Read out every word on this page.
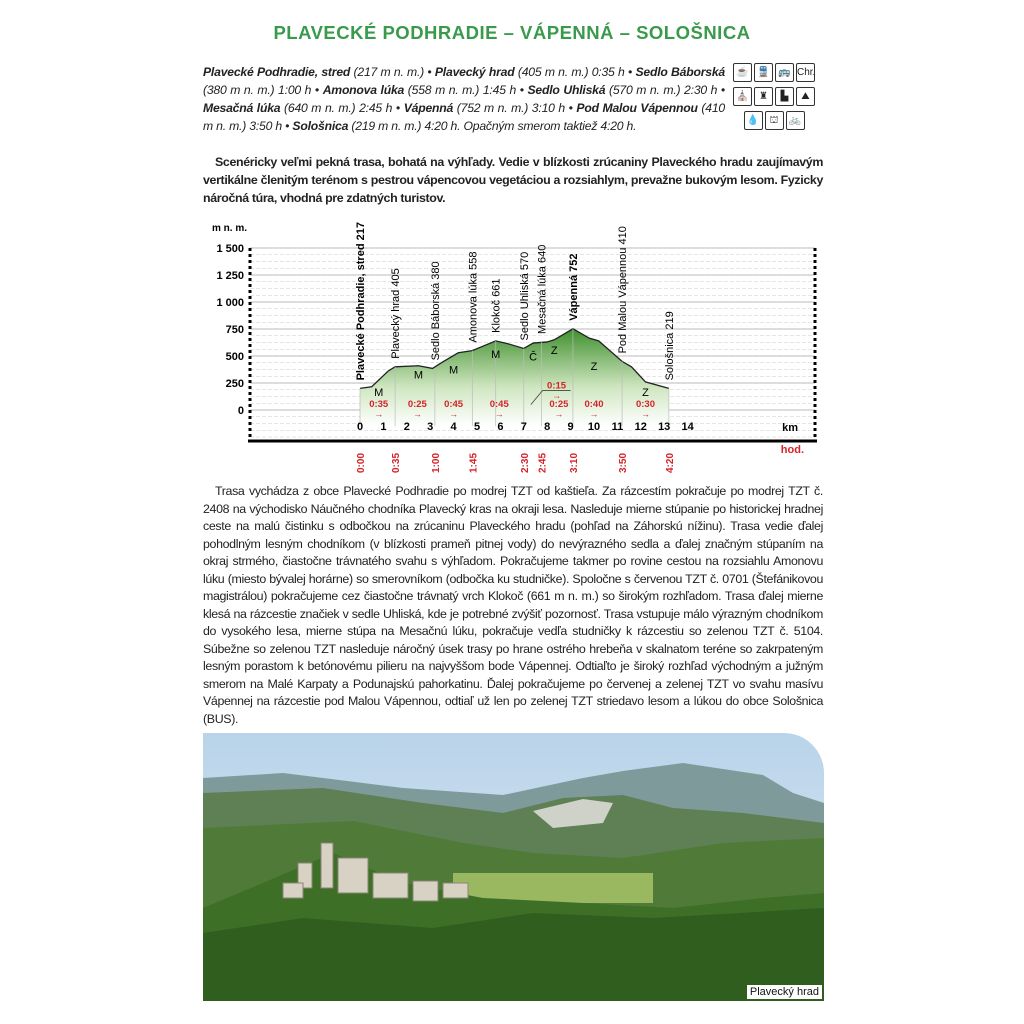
PLAVECKÉ PODHRADIE – VÁPENNÁ – SOLOŠNICA
Plavecké Podhradie, stred (217 m n. m.) • Plavecký hrad (405 m n. m.) 0:35 h • Sedlo Báborská (380 m n. m.) 1:00 h • Amonova lúka (558 m n. m.) 1:45 h • Sedlo Uhliská (570 m n. m.) 2:30 h • Mesačná lúka (640 m n. m.) 2:45 h • Vápenná (752 m n. m.) 3:10 h • Pod Malou Vápennou (410 m n. m.) 3:50 h • Sološnica (219 m n. m.) 4:20 h. Opačným smerom taktiež 4:20 h.
☕ 🚆 🚌 Chr.
⛪	♜	▙	⛰
💧	⛫	🚲
Scenéricky veľmi pekná trasa, bohatá na výhľady. Vedie v blízkosti zrúcaniny Plaveckého hradu zaujímavým vertikálne členitým terénom s pestrou vápencovou vegetáciou a rozsiahlym, prevažne bukovým lesom. Fyzicky náročná túra, vhodná pre zdatných turistov.
0
250
500
750
1 000
1 250
1 500
m n. m.	Plavecké Podhradie, stred 217
0:00
Plavecký hrad 405
0:35
Sedlo Báborská 380
1:00
Amonova lúka 558
1:45
Klokoč 661 Sedlo Uhliská 570
2:30
Mesačná lúka 640
2:45
Vápenná 752
3:10
Pod Malou Vápennou 410
3:50
Sološnica 219
4:20
0 1 2 3 4 5 6 7 8 9 10 11 12 13 14	km
hod.
M
M M
M	Č
Z
Z
Z
0:35
→
0:25
→
0:45
→
0:45
→
0:25
→
0:40
→
0:30
→
0:15
→
Trasa vychádza z obce Plavecké Podhradie po modrej TZT od kaštieľa. Za rázcestím pokračuje po modrej TZT č. 2408 na východisko Náučného chodníka Plavecký kras na okraji lesa. Nasleduje mierne stúpanie po historickej hradnej ceste na malú čistinku s odbočkou na zrúcaninu Plaveckého hradu (pohľad na Záhorskú nížinu). Trasa vedie ďalej pohodlným lesným chodníkom (v blízkosti prameň pitnej vody) do nevýrazného sedla a ďalej značným stúpaním na okraj strmého, čiastočne trávnatého svahu s výhľadom. Pokračujeme takmer po rovine cestou na rozsiahlu Amonovu lúku (miesto bývalej horárne) so smerovníkom (odbočka ku studničke). Spoločne s červenou TZT č. 0701 (Štefánikovou magistrálou) pokračujeme cez čiastočne trávnatý vrch Klokoč (661 m n. m.) so širokým rozhľadom. Trasa ďalej mierne klesá na rázcestie značiek v sedle Uhliská, kde je potrebné zvýšiť pozornosť. Trasa vstupuje málo výrazným chodníkom do vysokého lesa, mierne stúpa na Mesačnú lúku, pokračuje vedľa studničky k rázcestiu so zelenou TZT č. 5104. Súbežne so zelenou TZT nasleduje náročný úsek trasy po hrane ostrého hrebeňa v skalnatom teréne so zakrpateným lesným porastom k betónovému pilieru na najvyššom bode Vápennej. Odtiaľto je široký rozhľad východným a južným smerom na Malé Karpaty a Podunajskú pahorkatinu. Ďalej pokračujeme po červenej a zelenej TZT vo svahu masívu Vápennej na rázcestie pod Malou Vápennou, odtiaľ už len po zelenej TZT striedavo lesom a lúkou do obce Sološnica (BUS).
Plavecký hrad
